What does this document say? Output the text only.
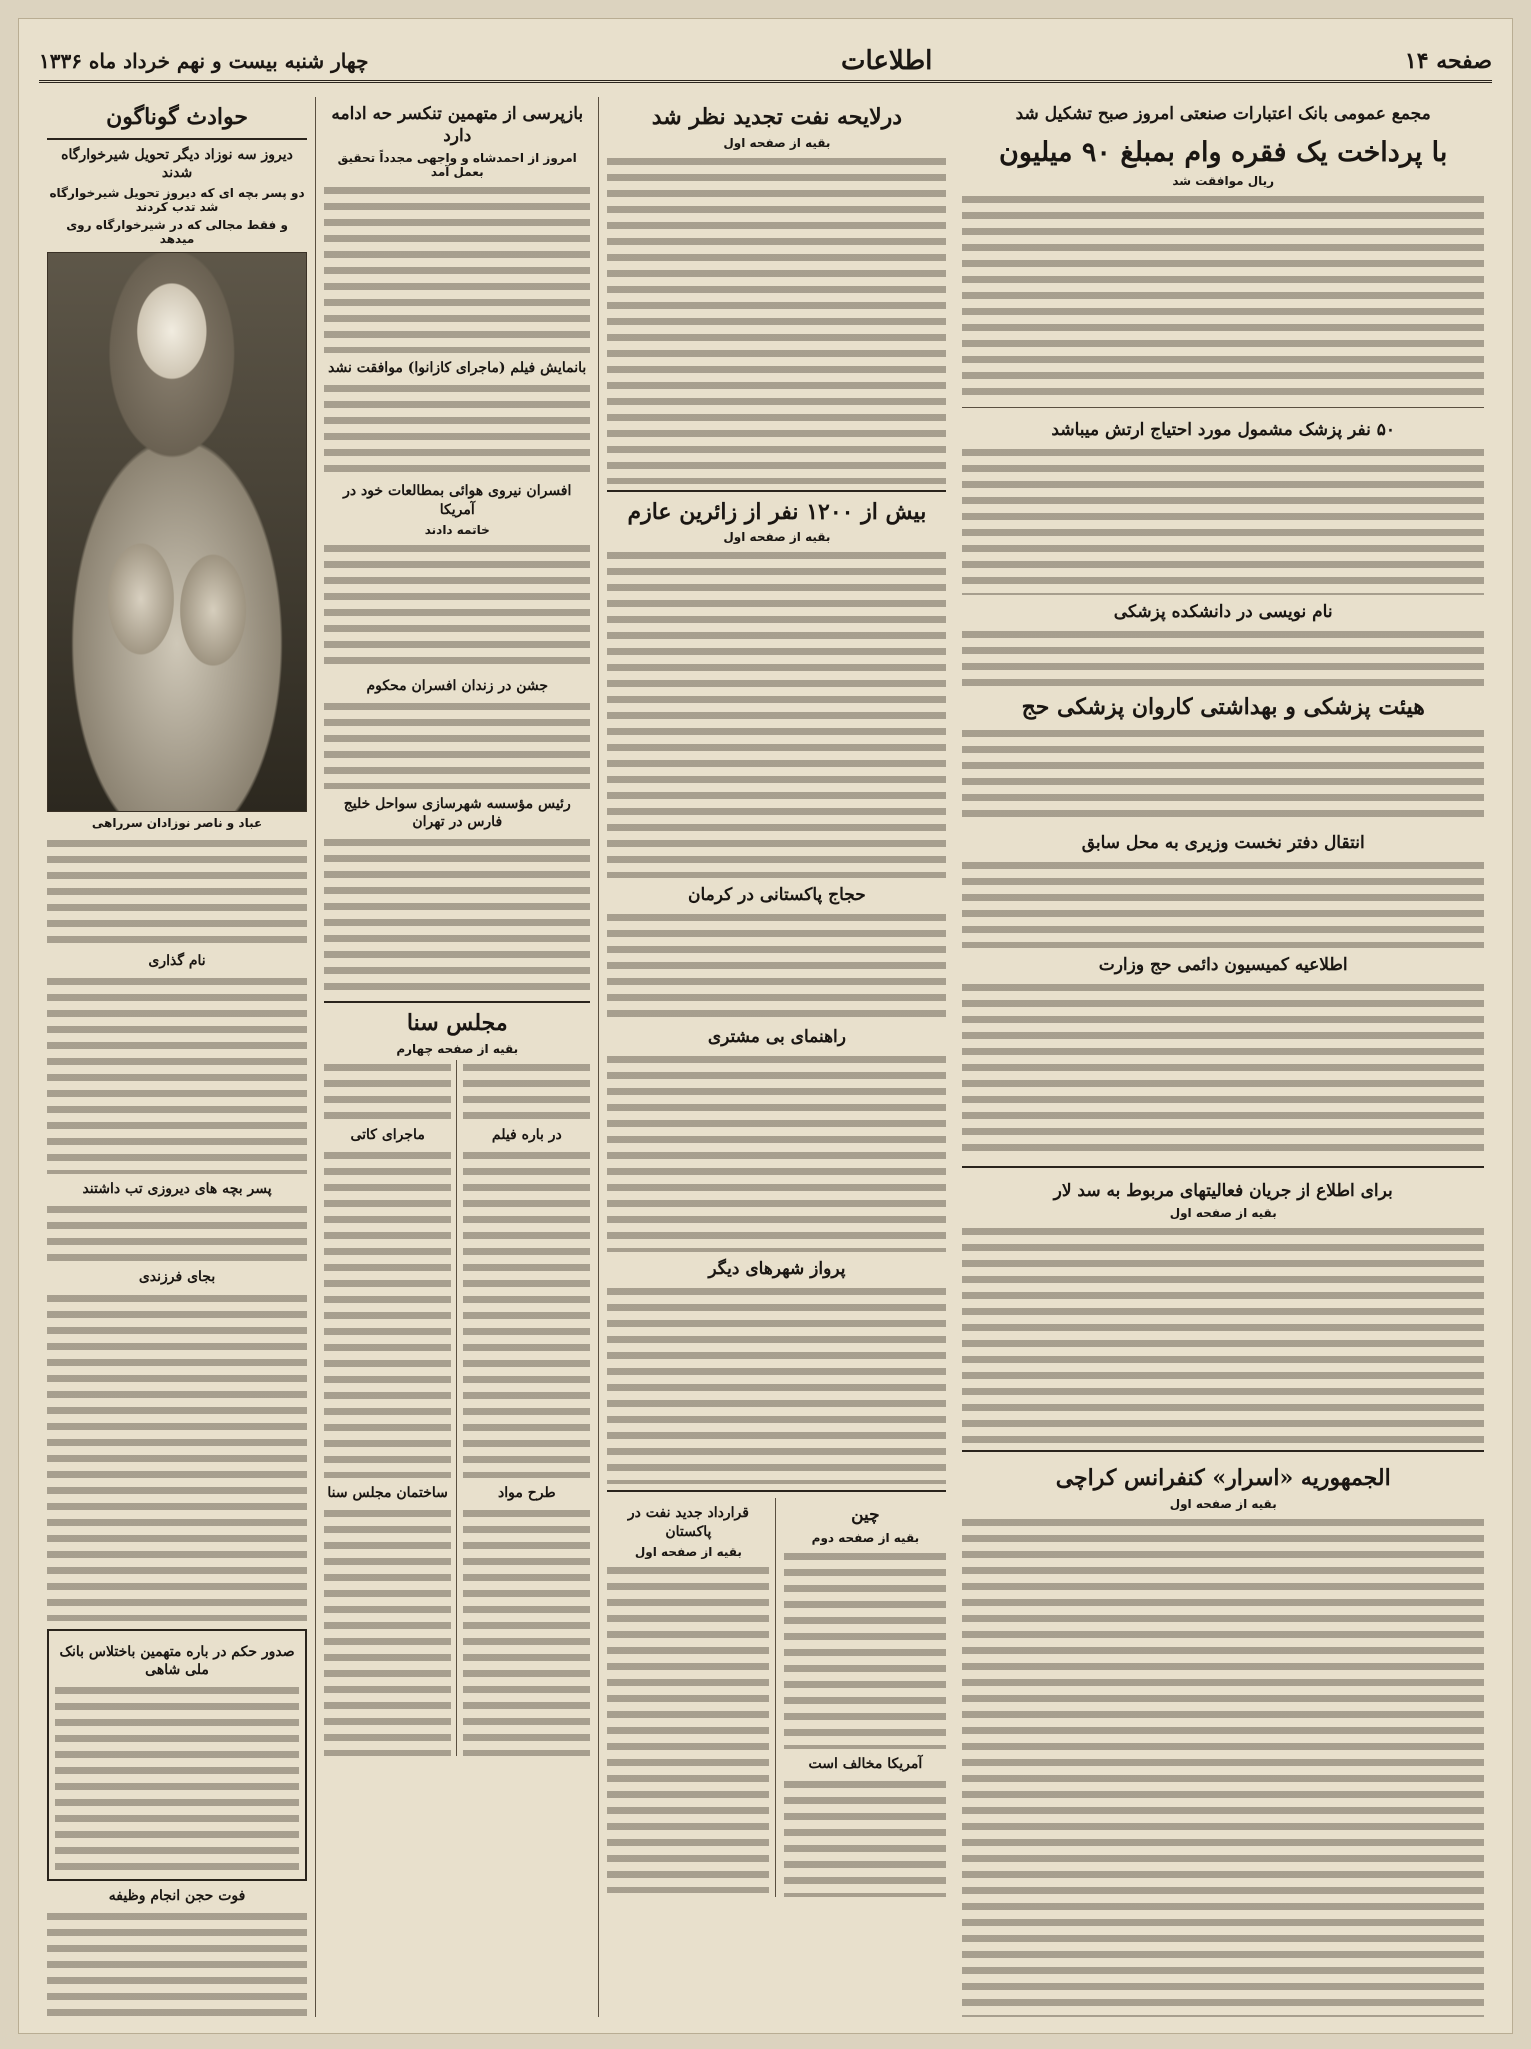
صفحه ۱۴
اطلاعات
چهار شنبه بیست و نهم خرداد ماه ۱۳۳۶
مجمع عمومی بانک اعتبارات صنعتی امروز صبح تشکیل شد
با پرداخت یک فقره وام بمبلغ ۹۰ میلیون
ریال موافقت شد
۵۰ نفر پزشک مشمول مورد احتیاج ارتش میباشد
نام نویسی در دانشکده پزشکی
هیئت پزشکی و بهداشتی کاروان پزشکی حج
انتقال دفتر نخست وزیری به محل سابق
اطلاعیه کمیسیون دائمی حج وزارت
برای اطلاع از جریان فعالیتهای مربوط به سد لار
بقیه از صفحه اول
الجمهوریه «اسرار» کنفرانس کراچی
بقیه از صفحه اول
درلایحه نفت تجدید نظر شد
بقیه از صفحه اول
بیش از ۱۲۰۰ نفر از زائرین عازم
بقیه از صفحه اول
حجاج پاکستانی در کرمان
راهنمای بی مشتری
پرواز شهرهای دیگر
چین
بقیه از صفحه دوم
آمریکا مخالف است
قرارداد جدید نفت در پاکستان
بقیه از صفحه اول
بازپرسی از متهمین تنکسر حه ادامه دارد
امروز از احمدشاه و واجهی مجدداً تحقیق بعمل آمد
بانمایش فیلم (ماجرای کازانوا) موافقت نشد
افسران نیروی هوائی بمطالعات خود در آمریکا
خاتمه دادند
جشن در زندان افسران محکوم
رئیس مؤسسه شهرسازی سواحل خلیج فارس در تهران
مجلس سنا
بقیه از صفحه چهارم
در باره فیلم
طرح مواد
ماجرای کاتی
ساختمان مجلس سنا
حوادث گوناگون
دیروز سه نوزاد دیگر تحویل شیرخوارگاه شدند
دو پسر بچه ای که دیروز تحویل شیرخوارگاه شد تدب کردند
و فقط مجالی که در شیرخوارگاه روی میدهد
عباد و ناصر نوزادان سرراهی
نام گذاری
پسر بچه های دیروزی تب داشتند
بجای فرزندی
صدور حکم در باره متهمین باختلاس بانک ملی شاهی
فوت حجن انجام وظیفه
